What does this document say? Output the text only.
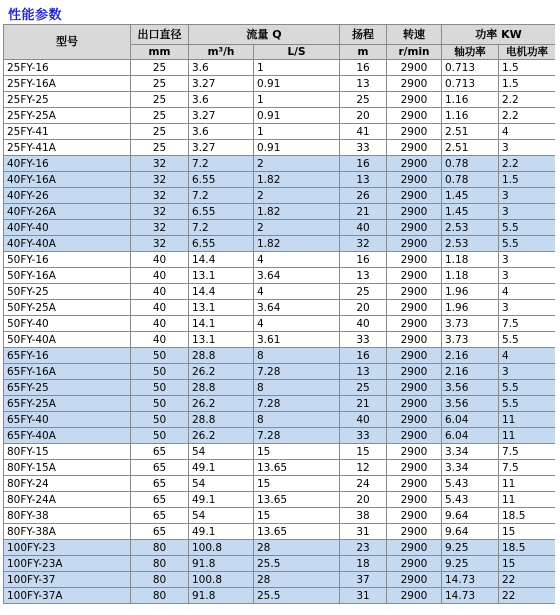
性能参数
型号	出口直径	流量 Q		扬程	转速	功率 KW	
	mm	m³/h	L/S	m	r/min	轴功率	电机功率
25FY-16	25	3.6	1	16	2900	0.713	1.5
25FY-16A	25	3.27	0.91	13	2900	0.713	1.5
25FY-25	25	3.6	1	25	2900	1.16	2.2
25FY-25A	25	3.27	0.91	20	2900	1.16	2.2
25FY-41	25	3.6	1	41	2900	2.51	4
25FY-41A	25	3.27	0.91	33	2900	2.51	3
40FY-16	32	7.2	2	16	2900	0.78	2.2
40FY-16A	32	6.55	1.82	13	2900	0.78	1.5
40FY-26	32	7.2	2	26	2900	1.45	3
40FY-26A	32	6.55	1.82	21	2900	1.45	3
40FY-40	32	7.2	2	40	2900	2.53	5.5
40FY-40A	32	6.55	1.82	32	2900	2.53	5.5
50FY-16	40	14.4	4	16	2900	1.18	3
50FY-16A	40	13.1	3.64	13	2900	1.18	3
50FY-25	40	14.4	4	25	2900	1.96	4
50FY-25A	40	13.1	3.64	20	2900	1.96	3
50FY-40	40	14.1	4	40	2900	3.73	7.5
50FY-40A	40	13.1	3.61	33	2900	3.73	5.5
65FY-16	50	28.8	8	16	2900	2.16	4
65FY-16A	50	26.2	7.28	13	2900	2.16	3
65FY-25	50	28.8	8	25	2900	3.56	5.5
65FY-25A	50	26.2	7.28	21	2900	3.56	5.5
65FY-40	50	28.8	8	40	2900	6.04	11
65FY-40A	50	26.2	7.28	33	2900	6.04	11
80FY-15	65	54	15	15	2900	3.34	7.5
80FY-15A	65	49.1	13.65	12	2900	3.34	7.5
80FY-24	65	54	15	24	2900	5.43	11
80FY-24A	65	49.1	13.65	20	2900	5.43	11
80FY-38	65	54	15	38	2900	9.64	18.5
80FY-38A	65	49.1	13.65	31	2900	9.64	15
100FY-23	80	100.8	28	23	2900	9.25	18.5
100FY-23A	80	91.8	25.5	18	2900	9.25	15
100FY-37	80	100.8	28	37	2900	14.73	22
100FY-37A	80	91.8	25.5	31	2900	14.73	22
